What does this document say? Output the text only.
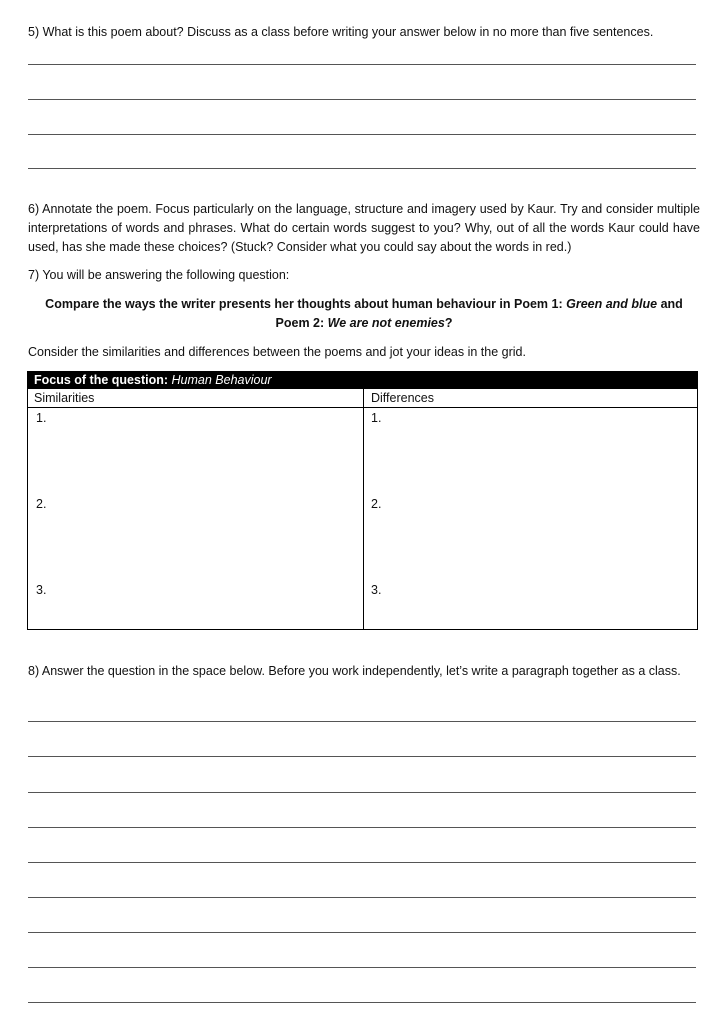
5) What is this poem about? Discuss as a class before writing your answer below in no more than five sentences.
6) Annotate the poem. Focus particularly on the language, structure and imagery used by Kaur. Try and consider multiple interpretations of words and phrases. What do certain words suggest to you? Why, out of all the words Kaur could have used, has she made these choices? (Stuck? Consider what you could say about the words in red.)
7) You will be answering the following question:
Compare the ways the writer presents her thoughts about human behaviour in Poem 1: Green and blue and Poem 2: We are not enemies?
Consider the similarities and differences between the poems and jot your ideas in the grid.
Focus of the question: Human Behaviour
Similarities	Differences
1.
2.
3.
1.
2.
3.
8) Answer the question in the space below. Before you work independently, let’s write a paragraph together as a class.
